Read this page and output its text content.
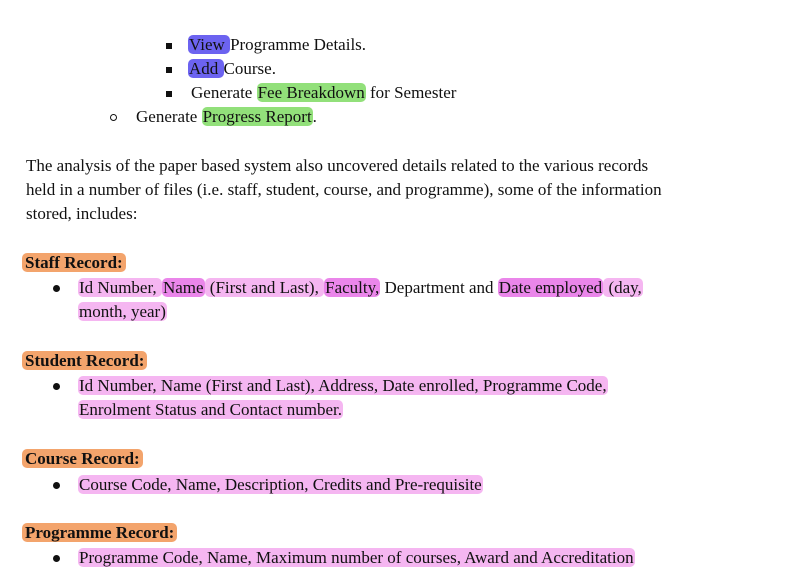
View Programme Details.
Add Course.
Generate Fee Breakdown for Semester
Generate Progress Report.
The analysis of the paper based system also uncovered details related to the various records
held in a number of files (i.e. staff, student, course, and programme), some of the information
stored, includes:
Staff Record:
Id Number, Name (First and Last), Faculty, Department and Date employed (day,
month, year)
Student Record:
Id Number, Name (First and Last), Address, Date enrolled, Programme Code,
Enrolment Status and Contact number.
Course Record:
Course Code, Name, Description, Credits and Pre-requisite
Programme Record:
Programme Code, Name, Maximum number of courses, Award and Accreditation
